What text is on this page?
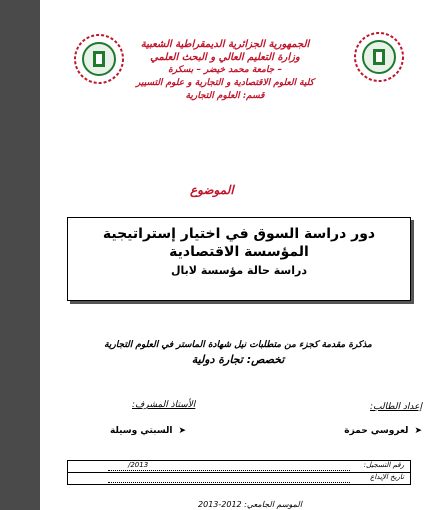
الجمهورية الجزائرية الديمقراطية الشعبية
وزارة التعليم العالي و البحث العلمي
جامعة محمد خيضر – بسكرة –
كلية العلوم الاقتصادية و التجارية و علوم التسيير
قسم: العلوم التجارية
الموضوع
دور دراسة السوق في اختيار إستراتيجية
المؤسسة الاقتصادية
دراسة حالة مؤسسة لابال
مذكرة مقدمة كجزء من متطلبات نيل شهادة الماستر في العلوم التجارية
تخصص: تجارة دولية
إعداد الطالب:
➤
لعروسي حمزة
الأستاذ المشرف:
➤
السبتي وسيلة
رقم التسجيل:
/2013
تاريخ الإيداع
الموسم الجامعي: 2012-2013
